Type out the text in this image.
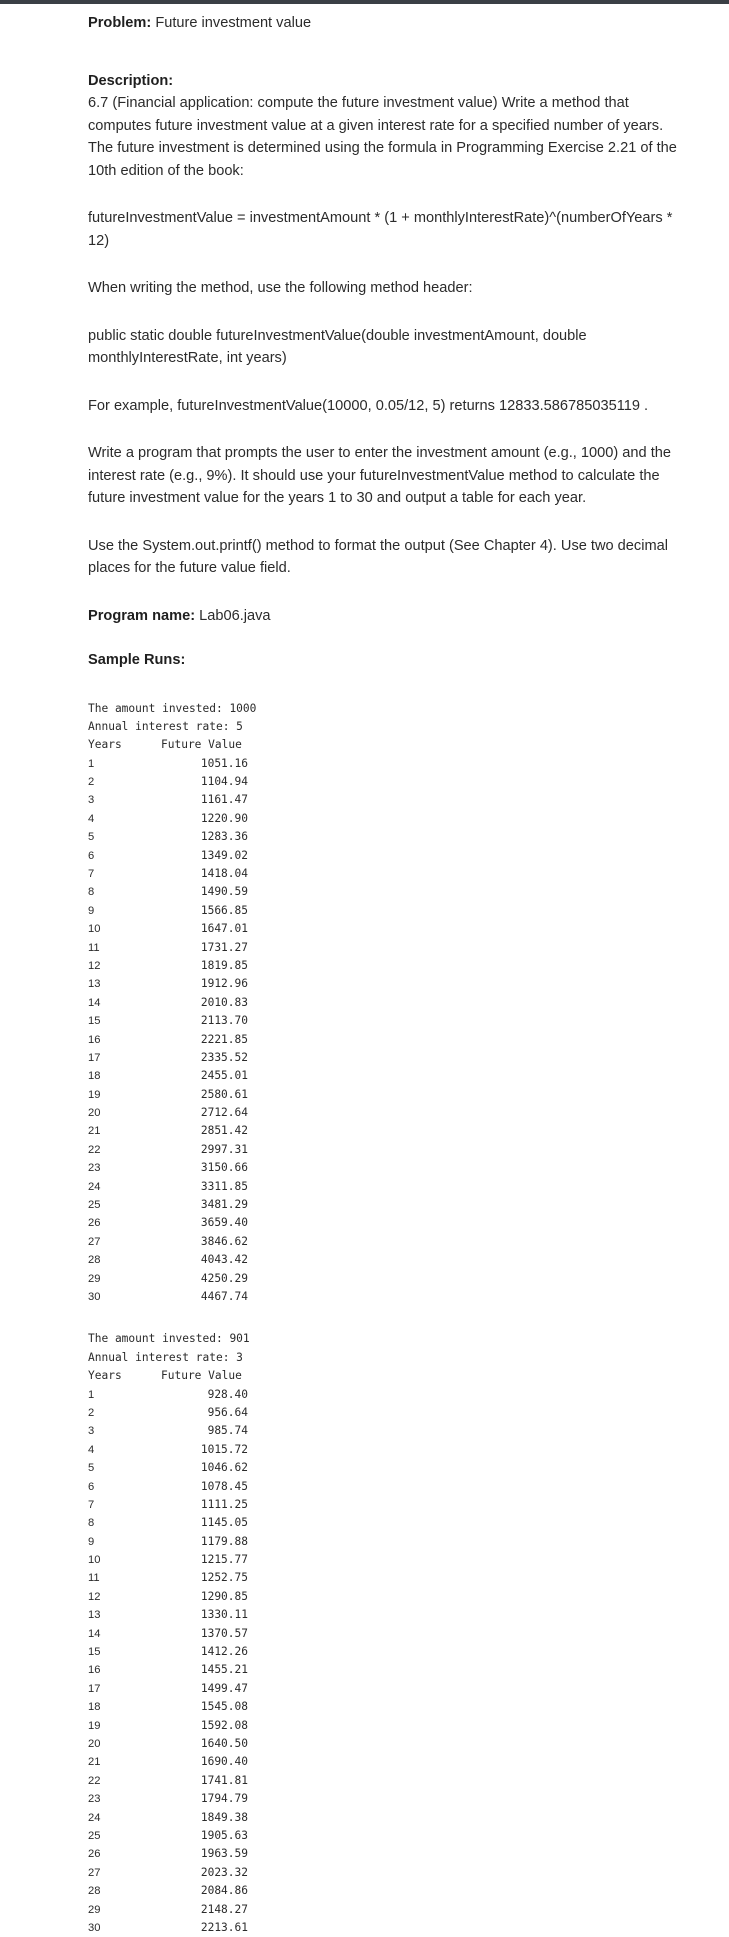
Problem: Future investment value

Description:

6.7 (Financial application: compute the future investment value) Write a method that computes future investment value at a given interest rate for a specified number of years. The future investment is determined using the formula in Programming Exercise 2.21 of the 10th edition of the book:

futureInvestmentValue = investmentAmount * (1 + monthlyInterestRate)^(numberOfYears * 12)

When writing the method, use the following method header:

public static double futureInvestmentValue(double investmentAmount, double monthlyInterestRate, int years)

For example, futureInvestmentValue(10000, 0.05/12, 5) returns 12833.586785035119 .

Write a program that prompts the user to enter the investment amount (e.g., 1000) and the interest rate (e.g., 9%). It should use your futureInvestmentValue method to calculate the future investment value for the years 1 to 30 and output a table for each year.

Use the System.out.printf() method to format the output (See Chapter 4). Use two decimal places for the future value field.

Program name: Lab06.java

Sample Runs:

The amount invested: 1000
Annual interest rate: 5
Years	Future Value
1	1051.16
2	1104.94
3	1161.47
4	1220.90
5	1283.36
6	1349.02
7	1418.04
8	1490.59
9	1566.85
10	1647.01
11	1731.27
12	1819.85
13	1912.96
14	2010.83
15	2113.70
16	2221.85
17	2335.52
18	2455.01
19	2580.61
20	2712.64
21	2851.42
22	2997.31
23	3150.66
24	3311.85
25	3481.29
26	3659.40
27	3846.62
28	4043.42
29	4250.29
30	4467.74
The amount invested: 901
Annual interest rate: 3
Years	Future Value
1	928.40
2	956.64
3	985.74
4	1015.72
5	1046.62
6	1078.45
7	1111.25
8	1145.05
9	1179.88
10	1215.77
11	1252.75
12	1290.85
13	1330.11
14	1370.57
15	1412.26
16	1455.21
17	1499.47
18	1545.08
19	1592.08
20	1640.50
21	1690.40
22	1741.81
23	1794.79
24	1849.38
25	1905.63
26	1963.59
27	2023.32
28	2084.86
29	2148.27
30	2213.61
